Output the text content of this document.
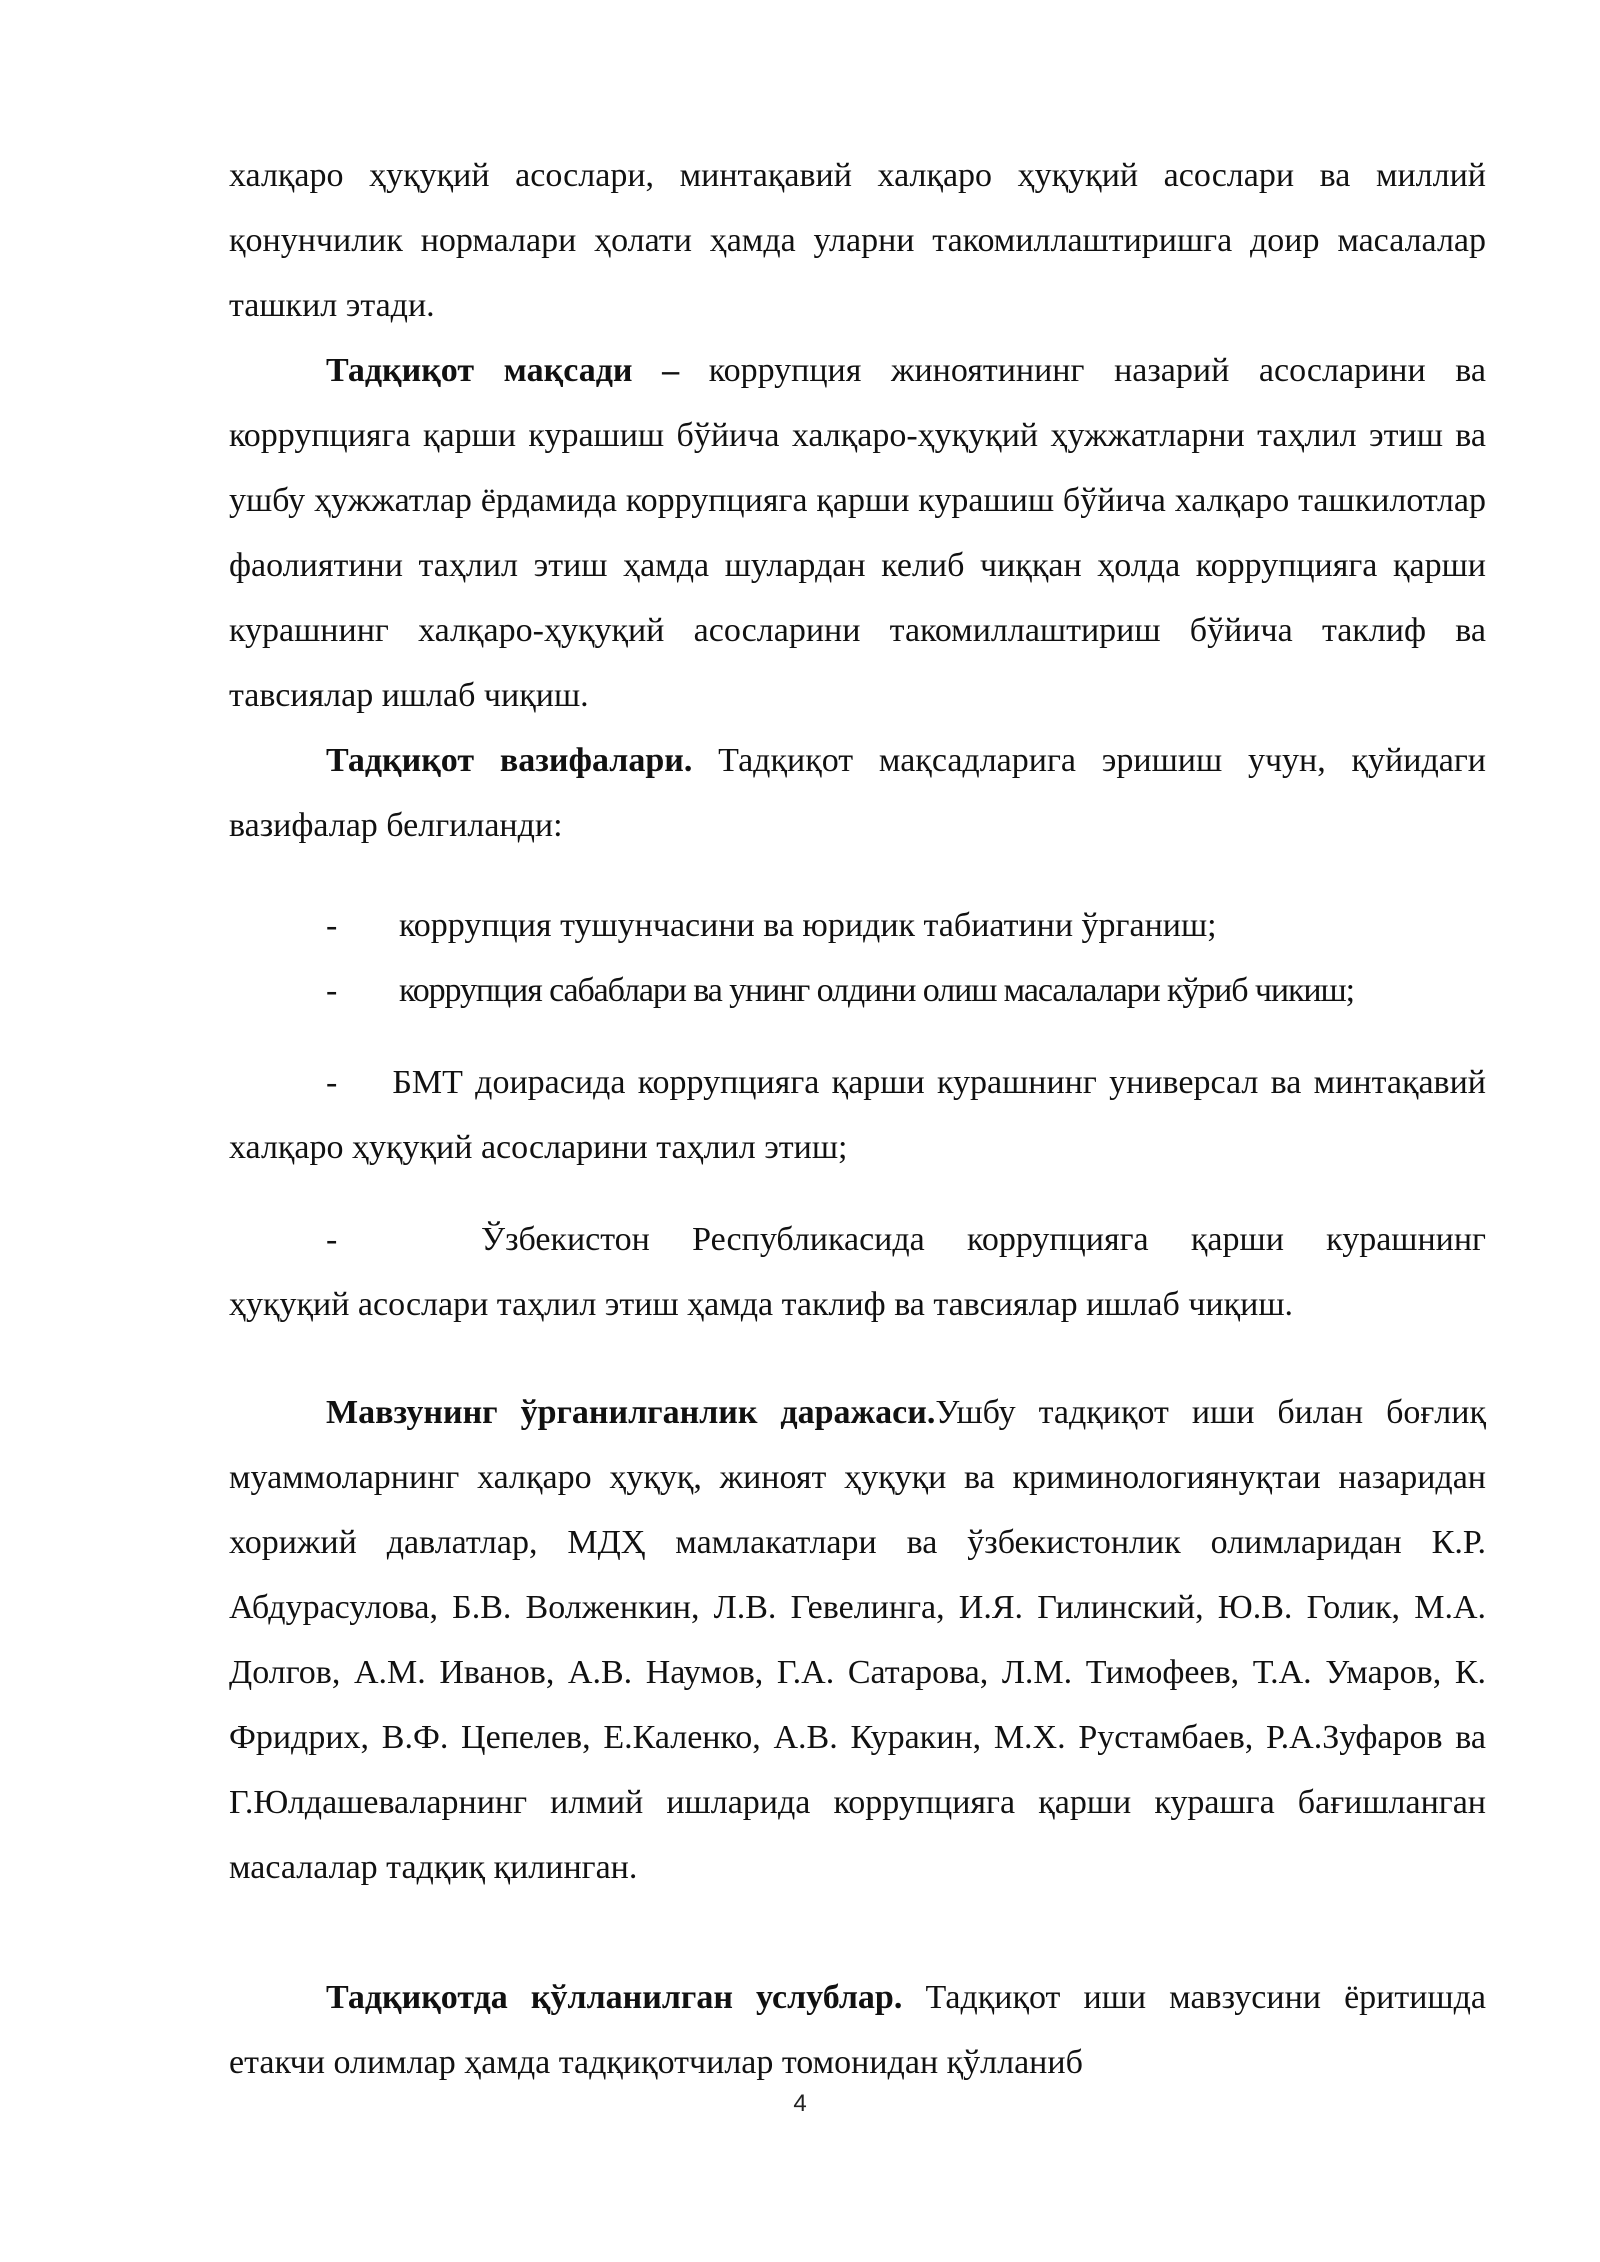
халқаро ҳуқуқий асослари, минтақавий халқаро ҳуқуқий асослари ва миллий қонунчилик нормалари ҳолати ҳамда уларни такомиллаштиришга доир масалалар ташкил этади.

Тадқиқот мақсади – коррупция жиноятининг назарий асосларини ва коррупцияга қарши курашиш бўйича халқаро-ҳуқуқий ҳужжатларни таҳлил этиш ва ушбу ҳужжатлар ёрдамида коррупцияга қарши курашиш бўйича халқаро ташкилотлар фаолиятини таҳлил этиш ҳамда шулардан келиб чиққан ҳолда коррупцияга қарши курашнинг халқаро-ҳуқуқий асосларини такомиллаштириш бўйича таклиф ва тавсиялар ишлаб чиқиш.

Тадқиқот вазифалари. Тадқиқот мақсадларига эришиш учун, қуйидаги вазифалар белгиланди:

- коррупция тушунчасини ва юридик табиатини ўрганиш;
- коррупция сабаблари ва унинг олдини олиш масалалари кўриб чикиш;

- БМТ доирасида коррупцияга қарши курашнинг универсал ва минтақавий халқаро ҳуқуқий асосларини таҳлил этиш;

-	Ўзбекистон Республикасида коррупцияга қарши курашнинг

ҳуқуқий асослари таҳлил этиш ҳамда таклиф ва тавсиялар ишлаб чиқиш.

Мавзунинг ўрганилганлик даражаси.Ушбу тадқиқот иши билан боғлиқ муаммоларнинг халқаро ҳуқуқ, жиноят ҳуқуқи ва криминологиянуқтаи назаридан хорижий давлатлар, МДҲ мамлакатлари ва ўзбекистонлик олимларидан К.Р. Абдурасулова, Б.В. Волженкин, Л.В. Гевелинга, И.Я. Гилинский, Ю.В. Голик, М.А. Долгов, А.М. Иванов, А.В. Наумов, Г.А. Сатарова, Л.М. Тимофеев, Т.А. Умаров, К. Фридрих, В.Ф. Цепелев, Е.Каленко, А.В. Куракин, М.Х. Рустамбаев, Р.А.Зуфаров ва Г.Юлдашеваларнинг илмий ишларида коррупцияга қарши курашга бағишланган масалалар тадқиқ қилинган.

Тадқиқотда қўлланилган услублар. Тадқиқот иши мавзусини ёритишда етакчи олимлар ҳамда тадқиқотчилар томонидан қўлланиб

4
